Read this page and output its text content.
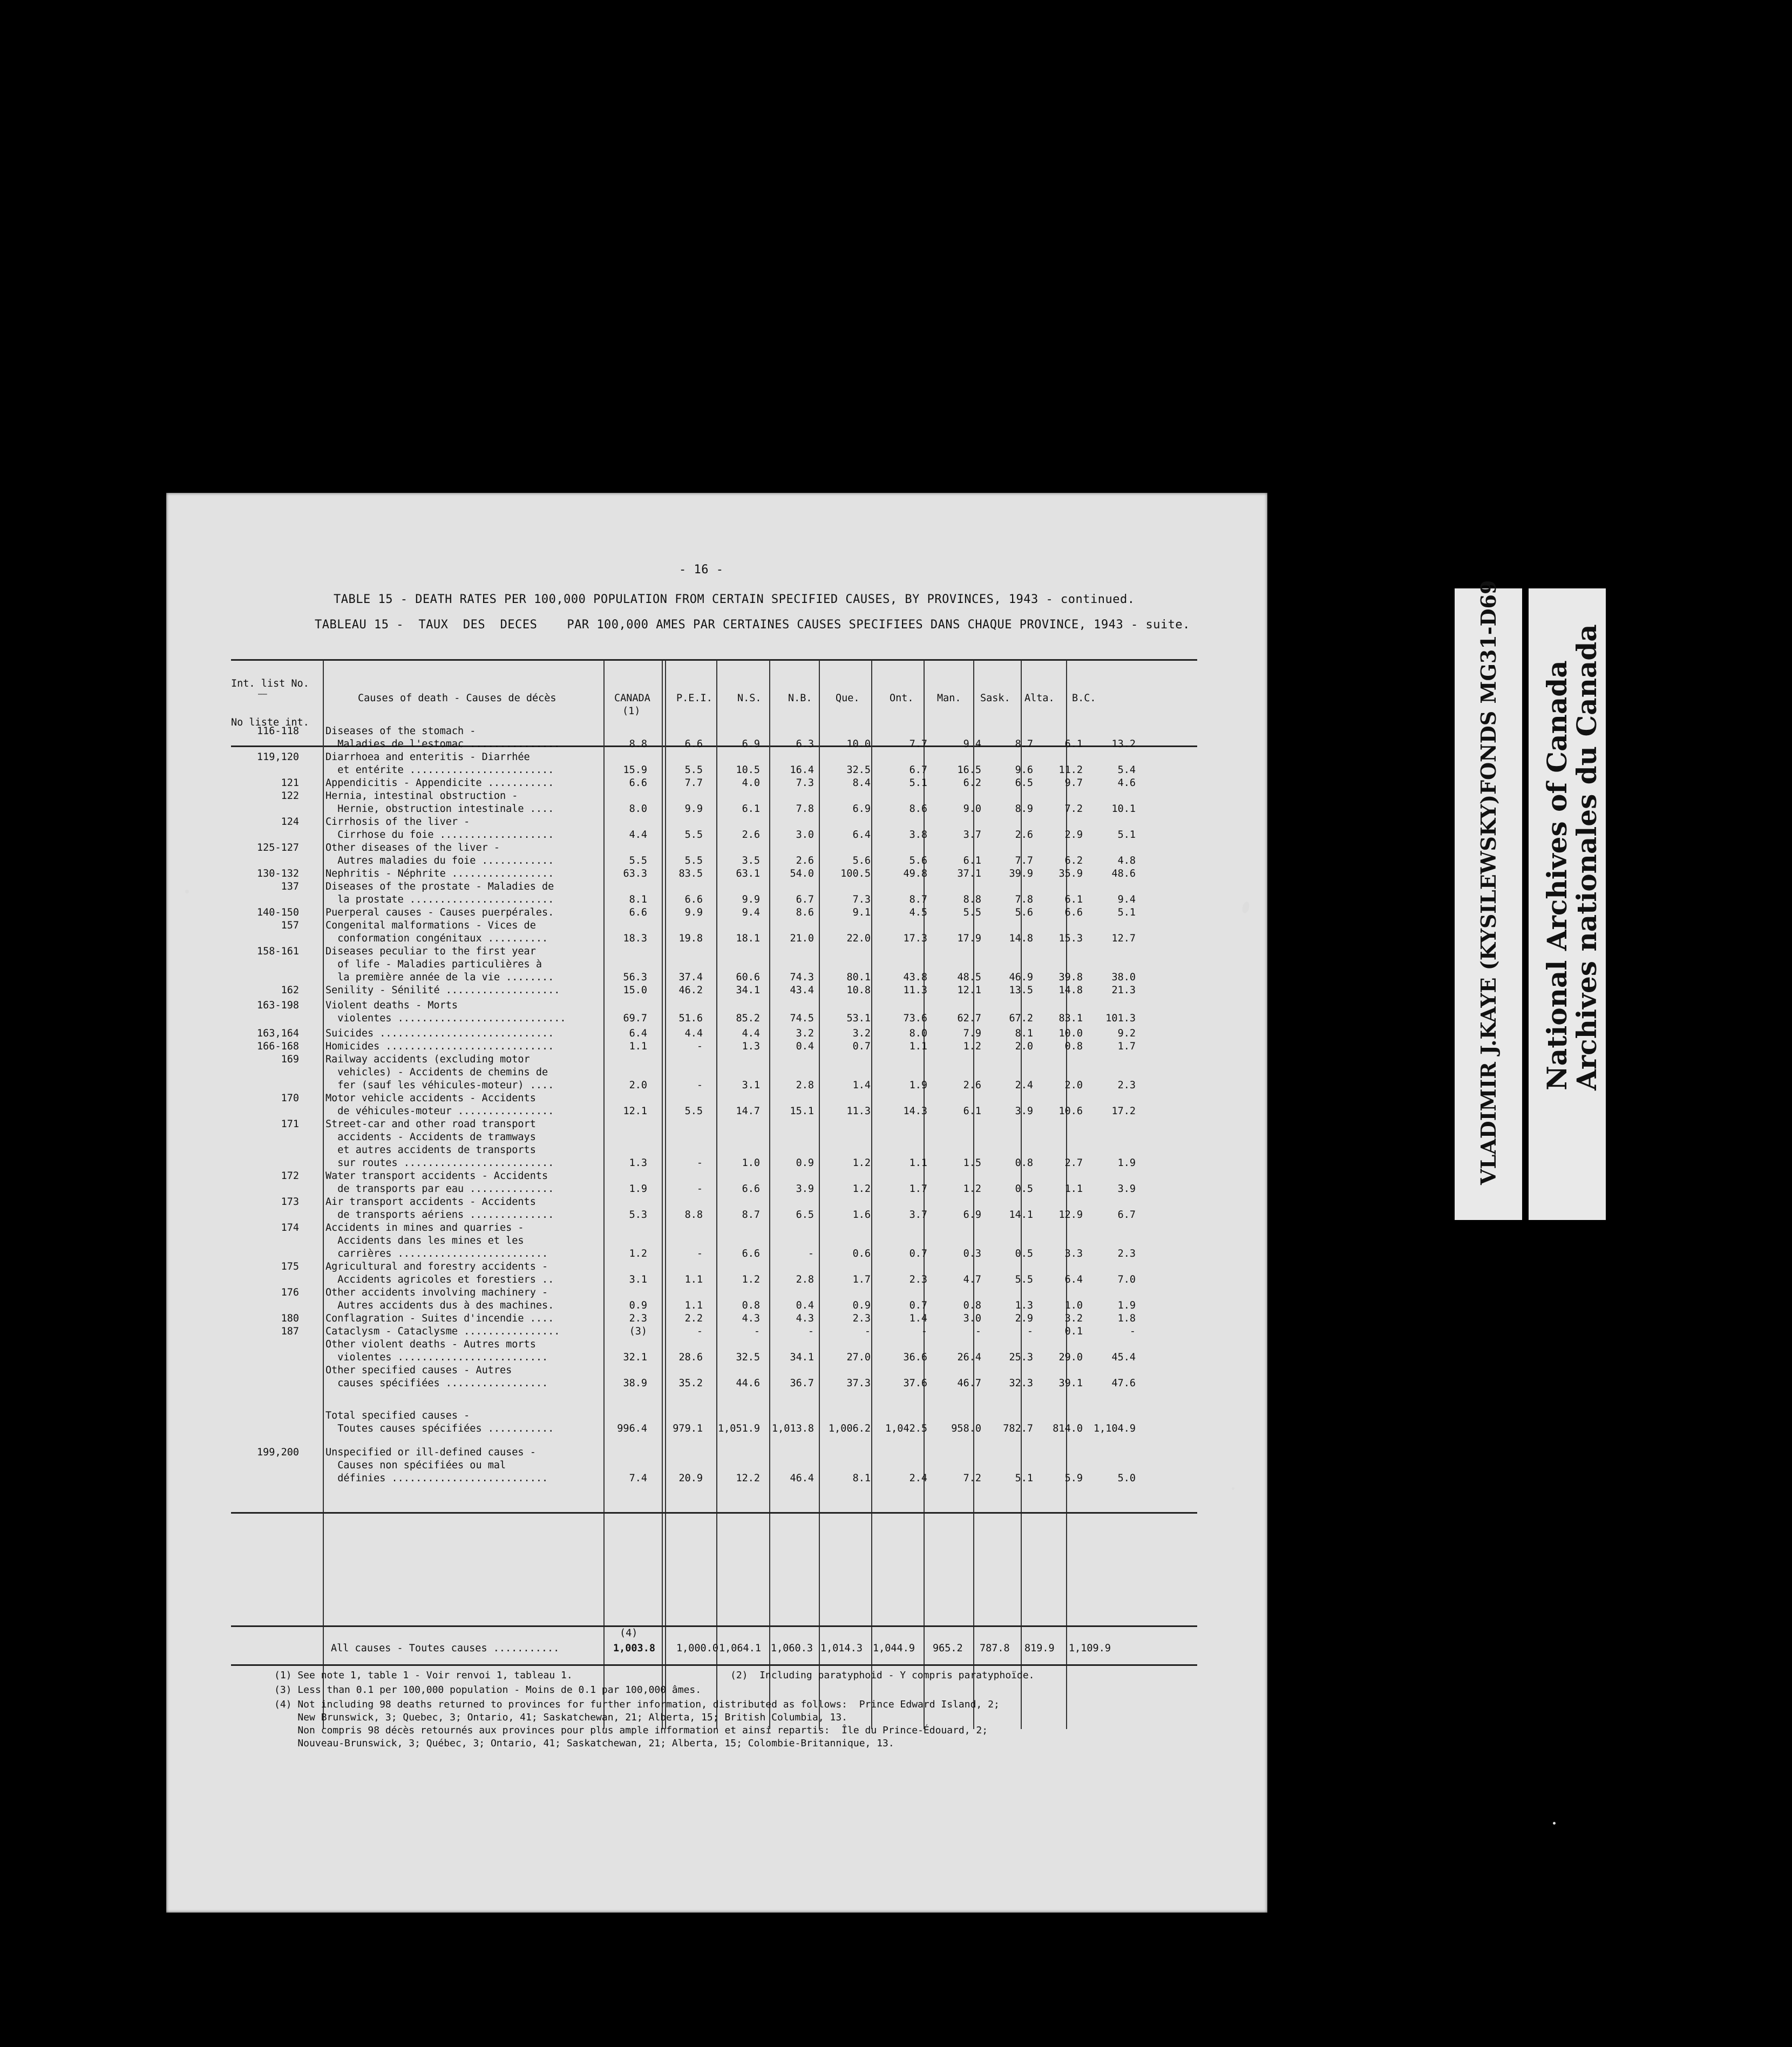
- 16 -
TABLE 15 - DEATH RATES PER 100,000 POPULATION FROM CERTAIN SPECIFIED CAUSES, BY PROVINCES, 1943 - continued.
TABLEAU 15 -  TAUX  DES  DECES    PAR 100,000 AMES PAR CERTAINES CAUSES SPECIFIEES DANS CHAQUE PROVINCE, 1943 - suite.
Int. list No.
——
No liste int.
Causes of death - Causes de décès	CANADA
(1)
P.E.I. N.S.	N.B. Que.	Ont. Man. Sask. Alta. B.C.
116-118	Diseases of the stomach -										
	Maladies de l'estomac ...............	8.8	6.6	6.9	6.3	10.0	7.7	9.4	8.7	6.1	13.2
119,120	Diarrhoea and enteritis - Diarrhée										
	et entérite ........................	15.9	5.5	10.5	16.4	32.5	6.7	16.5	9.6	11.2	5.4
121	Appendicitis - Appendicite ...........	6.6	7.7	4.0	7.3	8.4	5.1	6.2	6.5	9.7	4.6
122	Hernia, intestinal obstruction -										
	Hernie, obstruction intestinale ....	8.0	9.9	6.1	7.8	6.9	8.6	9.0	8.9	7.2	10.1
124	Cirrhosis of the liver -										
	Cirrhose du foie ...................	4.4	5.5	2.6	3.0	6.4	3.8	3.7	2.6	2.9	5.1
125-127	Other diseases of the liver -										
	Autres maladies du foie ............	5.5	5.5	3.5	2.6	5.6	5.6	6.1	7.7	6.2	4.8
130-132	Nephritis - Néphrite .................	63.3	83.5	63.1	54.0	100.5	49.8	37.1	39.9	35.9	48.6
137	Diseases of the prostate - Maladies de										
	la prostate ........................	8.1	6.6	9.9	6.7	7.3	8.7	8.8	7.8	6.1	9.4
140-150	Puerperal causes - Causes puerpérales.	6.6	9.9	9.4	8.6	9.1	4.5	5.5	5.6	6.6	5.1
157	Congenital malformations - Vices de										
	conformation congénitaux ..........	18.3	19.8	18.1	21.0	22.0	17.3	17.9	14.8	15.3	12.7
158-161	Diseases peculiar to the first year										
	of life - Maladies particulières à										
	la première année de la vie ........	56.3	37.4	60.6	74.3	80.1	43.8	48.5	46.9	39.8	38.0
162	Senility - Sénilité ...................	15.0	46.2	34.1	43.4	10.8	11.3	12.1	13.5	14.8	21.3
163-198	Violent deaths - Morts										
	violentes ............................	69.7	51.6	85.2	74.5	53.1	73.6	62.7	67.2	83.1	101.3
163,164	Suicides .............................	6.4	4.4	4.4	3.2	3.2	8.0	7.9	8.1	10.0	9.2
166-168	Homicides ............................	1.1	-	1.3	0.4	0.7	1.1	1.2	2.0	0.8	1.7
169	Railway accidents (excluding motor										
	vehicles) - Accidents de chemins de										
	fer (sauf les véhicules-moteur) ....	2.0	-	3.1	2.8	1.4	1.9	2.6	2.4	2.0	2.3
170	Motor vehicle accidents - Accidents										
	de véhicules-moteur ................	12.1	5.5	14.7	15.1	11.3	14.3	6.1	3.9	10.6	17.2
171	Street-car and other road transport										
	accidents - Accidents de tramways										
	et autres accidents de transports										
	sur routes .........................	1.3	-	1.0	0.9	1.2	1.1	1.5	0.8	2.7	1.9
172	Water transport accidents - Accidents										
	de transports par eau ..............	1.9	-	6.6	3.9	1.2	1.7	1.2	0.5	1.1	3.9
173	Air transport accidents - Accidents										
	de transports aériens ..............	5.3	8.8	8.7	6.5	1.6	3.7	6.9	14.1	12.9	6.7
174	Accidents in mines and quarries -										
	Accidents dans les mines et les										
	carrières .........................	1.2	-	6.6	-	0.6	0.7	0.3	0.5	3.3	2.3
175	Agricultural and forestry accidents -										
	Accidents agricoles et forestiers ..	3.1	1.1	1.2	2.8	1.7	2.3	4.7	5.5	6.4	7.0
176	Other accidents involving machinery -										
	Autres accidents dus à des machines.	0.9	1.1	0.8	0.4	0.9	0.7	0.8	1.3	1.0	1.9
180	Conflagration - Suites d'incendie ....	2.3	2.2	4.3	4.3	2.3	1.4	3.0	2.9	3.2	1.8
187	Cataclysm - Cataclysme ................	(3)	-	-	-	-	-	-	-	0.1	-
	Other violent deaths - Autres morts										
	violentes .........................	32.1	28.6	32.5	34.1	27.0	36.6	26.4	25.3	29.0	45.4
	Other specified causes - Autres										
	causes spécifiées .................	38.9	35.2	44.6	36.7	37.3	37.6	46.7	32.3	39.1	47.6

	Total specified causes -										
	Toutes causes spécifiées ...........	996.4	979.1	1,051.9	1,013.8	1,006.2	1,042.5	958.0	782.7	814.0	1,104.9
199,200	Unspecified or ill-defined causes -										
	Causes non spécifiées ou mal										
	définies ..........................	7.4	20.9	12.2	46.4	8.1	2.4	7.2	5.1	5.9	5.0
(4)
All causes - Toutes causes ...........	1,003.8 1,000.0 1,064.1 1,060.3 1,014.3 1,044.9 965.2 787.8 819.9 1,109.9
(1) See note 1, table 1 - Voir renvoi 1, tableau 1.	(2)  Including paratyphoid - Y compris paratyphoïde.
(3) Less than 0.1 per 100,000 population - Moins de 0.1 par 100,000 âmes.
(4) Not including 98 deaths returned to provinces for further information, distributed as follows:  Prince Edward Island, 2;
New Brunswick, 3; Quebec, 3; Ontario, 41; Saskatchewan, 21; Alberta, 15; British Columbia, 13.
Non compris 98 décès retournés aux provinces pour plus ample information et ainsi repartis:  Île du Prince-Édouard, 2;
Nouveau-Brunswick, 3; Québec, 3; Ontario, 41; Saskatchewan, 21; Alberta, 15; Colombie-Britannique, 13.
VLADIMIR J.KAYE (KYSILEWSKY)FONDS MG31-D69 National Archives of Canada
Archives nationales du Canada
